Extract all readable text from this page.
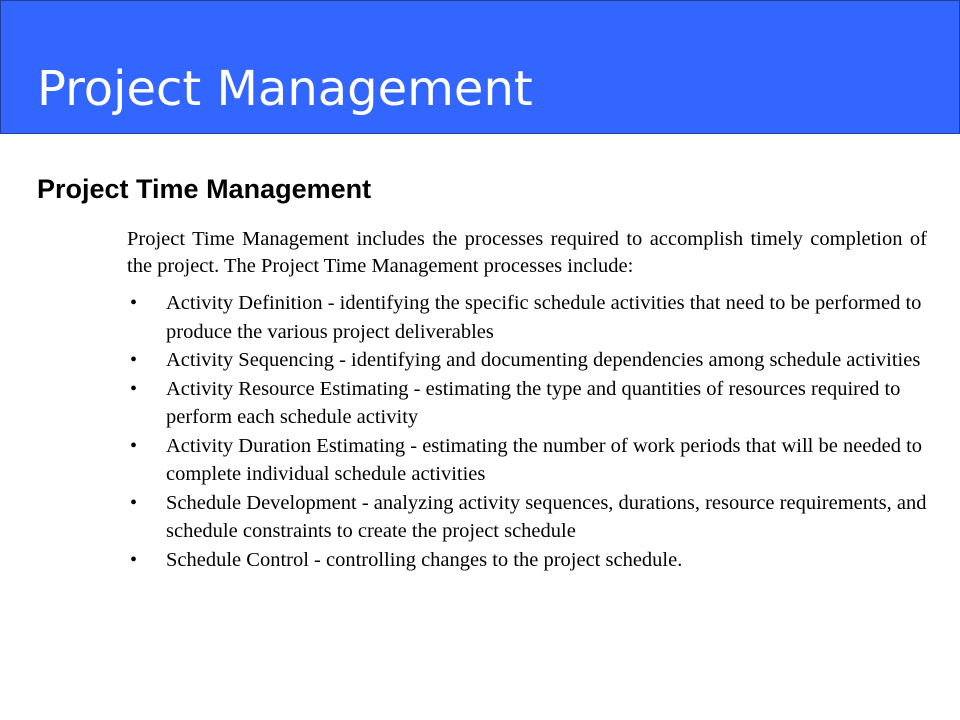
Project Management
Project Time Management

Project Time Management includes the processes required to accomplish timely completion of the project. The Project Time Management processes include:

•	Activity Definition - identifying the specific schedule activities that need to be performed to produce the various project deliverables
•	Activity Sequencing - identifying and documenting dependencies among schedule activities
•	Activity Resource Estimating - estimating the type and quantities of resources required to perform each schedule activity
•	Activity Duration Estimating - estimating the number of work periods that will be needed to complete individual schedule activities
•	Schedule Development - analyzing activity sequences, durations, resource requirements, and schedule constraints to create the project schedule
•	Schedule Control - controlling changes to the project schedule.
